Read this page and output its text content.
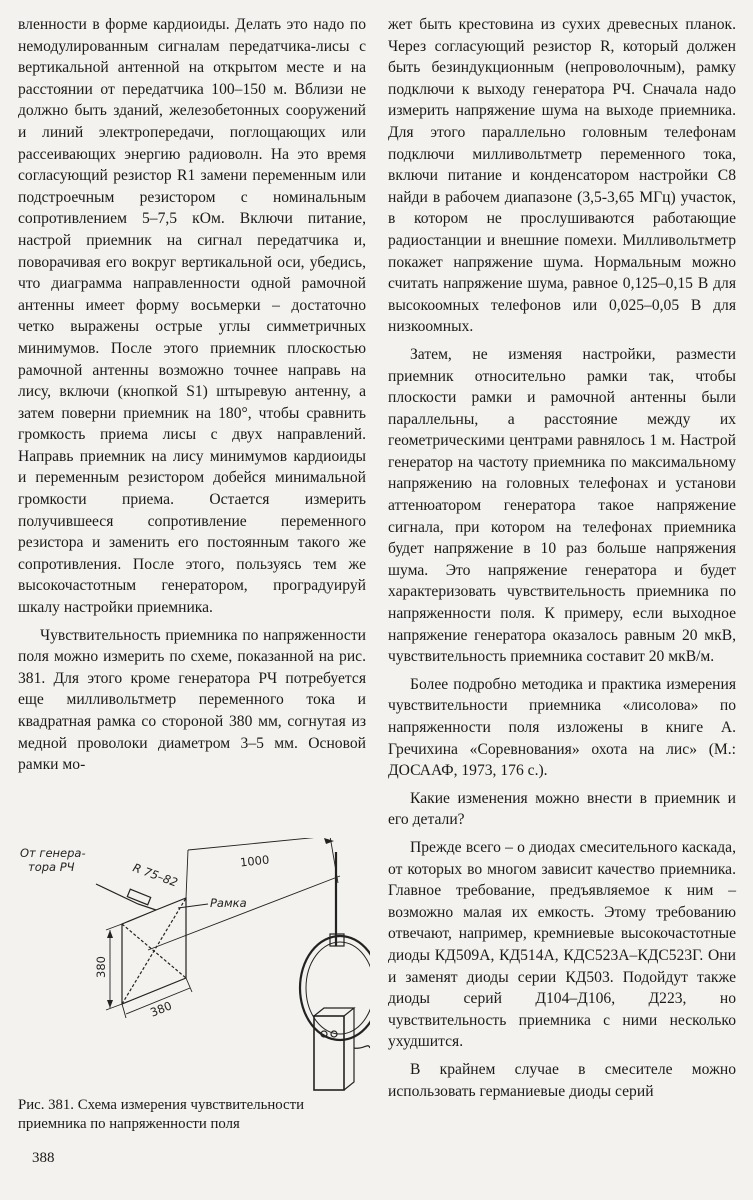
вленности в форме кардиоиды. Делать это надо по немодулированным сигналам передатчика-лисы с вертикальной антенной на открытом месте и на расстоянии от передатчика 100–150 м. Вблизи не должно быть зданий, железобетонных сооружений и линий электропередачи, поглощающих или рассеивающих энергию радиоволн. На это время согласующий резистор R1 замени переменным или подстроечным резистором с номинальным сопротивлением 5–7,5 кОм. Включи питание, настрой приемник на сигнал передатчика и, поворачивая его вокруг вертикальной оси, убедись, что диаграмма направленности одной рамочной антенны имеет форму восьмерки – достаточно четко выражены острые углы симметричных минимумов. После этого приемник плоскостью рамочной антенны возможно точнее направь на лису, включи (кнопкой S1) штыревую антенну, а затем поверни приемник на 180°, чтобы сравнить громкость приема лисы с двух направлений. Направь приемник на лису минимумов кардиоиды и переменным резистором добейся минимальной громкости приема. Остается измерить получившееся сопротивление переменного резистора и заменить его постоянным такого же сопротивления. После этого, пользуясь тем же высокочастотным генератором, проградуируй шкалу настройки приемника.

Чувствительность приемника по напряженности поля можно измерить по схеме, показанной на рис. 381. Для этого кроме генератора РЧ потребуется еще милливольтметр переменного тока и квадратная рамка со стороной 380 мм, согнутая из медной проволоки диаметром 3–5 мм. Основой рамки мо-

жет быть крестовина из сухих древесных планок. Через согласующий резистор R, который должен быть безиндукционным (непроволочным), рамку подключи к выходу генератора РЧ. Сначала надо измерить напряжение шума на выходе приемника. Для этого параллельно головным телефонам подключи милливольтметр переменного тока, включи питание и конденсатором настройки С8 найди в рабочем диапазоне (3,5-3,65 МГц) участок, в котором не прослушиваются работающие радиостанции и внешние помехи. Милливольтметр покажет напряжение шума. Нормальным можно считать напряжение шума, равное 0,125–0,15 В для высокоомных телефонов или 0,025–0,05 В для низкоомных.

Затем, не изменяя настройки, размести приемник относительно рамки так, чтобы плоскости рамки и рамочной антенны были параллельны, а расстояние между их геометрическими центрами равнялось 1 м. Настрой генератор на частоту приемника по максимальному напряжению на головных телефонах и установи аттенюатором генератора такое напряжение сигнала, при котором на телефонах приемника будет напряжение в 10 раз больше напряжения шума. Это напряжение генератора и будет характеризовать чувствительность приемника по напряженности поля. К примеру, если выходное напряжение генератора оказалось равным 20 мкВ, чувствительность приемника составит 20 мкВ/м.

Более подробно методика и практика измерения чувствительности приемника «лисолова» по напряженности поля изложены в книге А. Гречихина «Соревнования» охота на лис» (М.: ДОСААФ, 1973, 176 с.).

Какие изменения можно внести в приемник и его детали?

Прежде всего – о диодах смесительного каскада, от которых во многом зависит качество приемника. Главное требование, предъявляемое к ним – возможно малая их емкость. Этому требованию отвечают, например, кремниевые высокочастотные диоды КД509А, КД514А, КДС523А–КДС523Г. Они и заменят диоды серии КД503. Подойдут также диоды серий Д104–Д106, Д223, но чувствительность приемника с ними несколько ухудшится.

В крайнем случае в смесителе можно использовать германиевые диоды серий

От генера-
тора РЧ	R 75–82
Рамка
1000
380
380
Рис. 381. Схема измерения чувствительности приемника по напряженности поля
388
